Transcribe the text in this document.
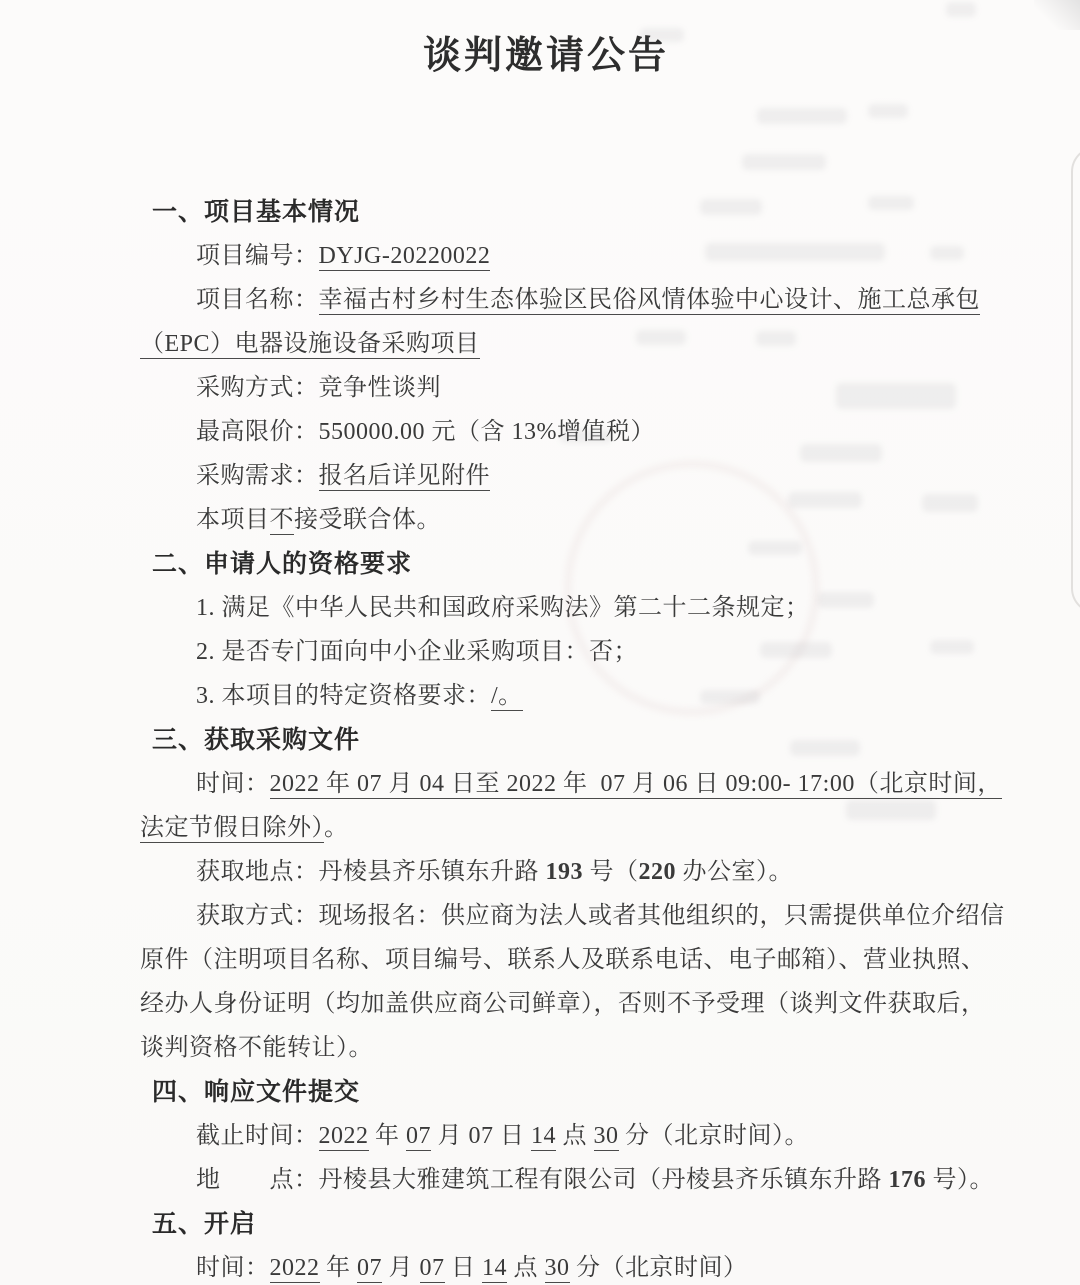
谈判邀请公告
一、项目基本情况
项目编号：DYJG-20220022
项目名称：幸福古村乡村生态体验区民俗风情体验中心设计、施工总承包
（EPC）电器设施设备采购项目
采购方式：竞争性谈判
最高限价：550000.00 元（含 13%增值税）
采购需求：报名后详见附件
本项目不接受联合体。
二、申请人的资格要求
1. 满足《中华人民共和国政府采购法》第二十二条规定；
2. 是否专门面向中小企业采购项目：否；
3. 本项目的特定资格要求：/。
三、获取采购文件
时间：2022 年 07 月 04 日至 2022 年  07 月 06 日 09:00- 17:00（北京时间，
法定节假日除外）。
获取地点：丹棱县齐乐镇东升路 193 号（220 办公室）。
获取方式：现场报名：供应商为法人或者其他组织的，只需提供单位介绍信
原件（注明项目名称、项目编号、联系人及联系电话、电子邮箱）、营业执照、
经办人身份证明（均加盖供应商公司鲜章），否则不予受理（谈判文件获取后，
谈判资格不能转让）。
四、响应文件提交
截止时间：2022 年 07 月 07 日 14 点 30 分（北京时间）。
地　　点：丹棱县大雅建筑工程有限公司（丹棱县齐乐镇东升路 176 号）。
五、开启
时间：2022 年 07 月 07 日 14 点 30 分（北京时间）
